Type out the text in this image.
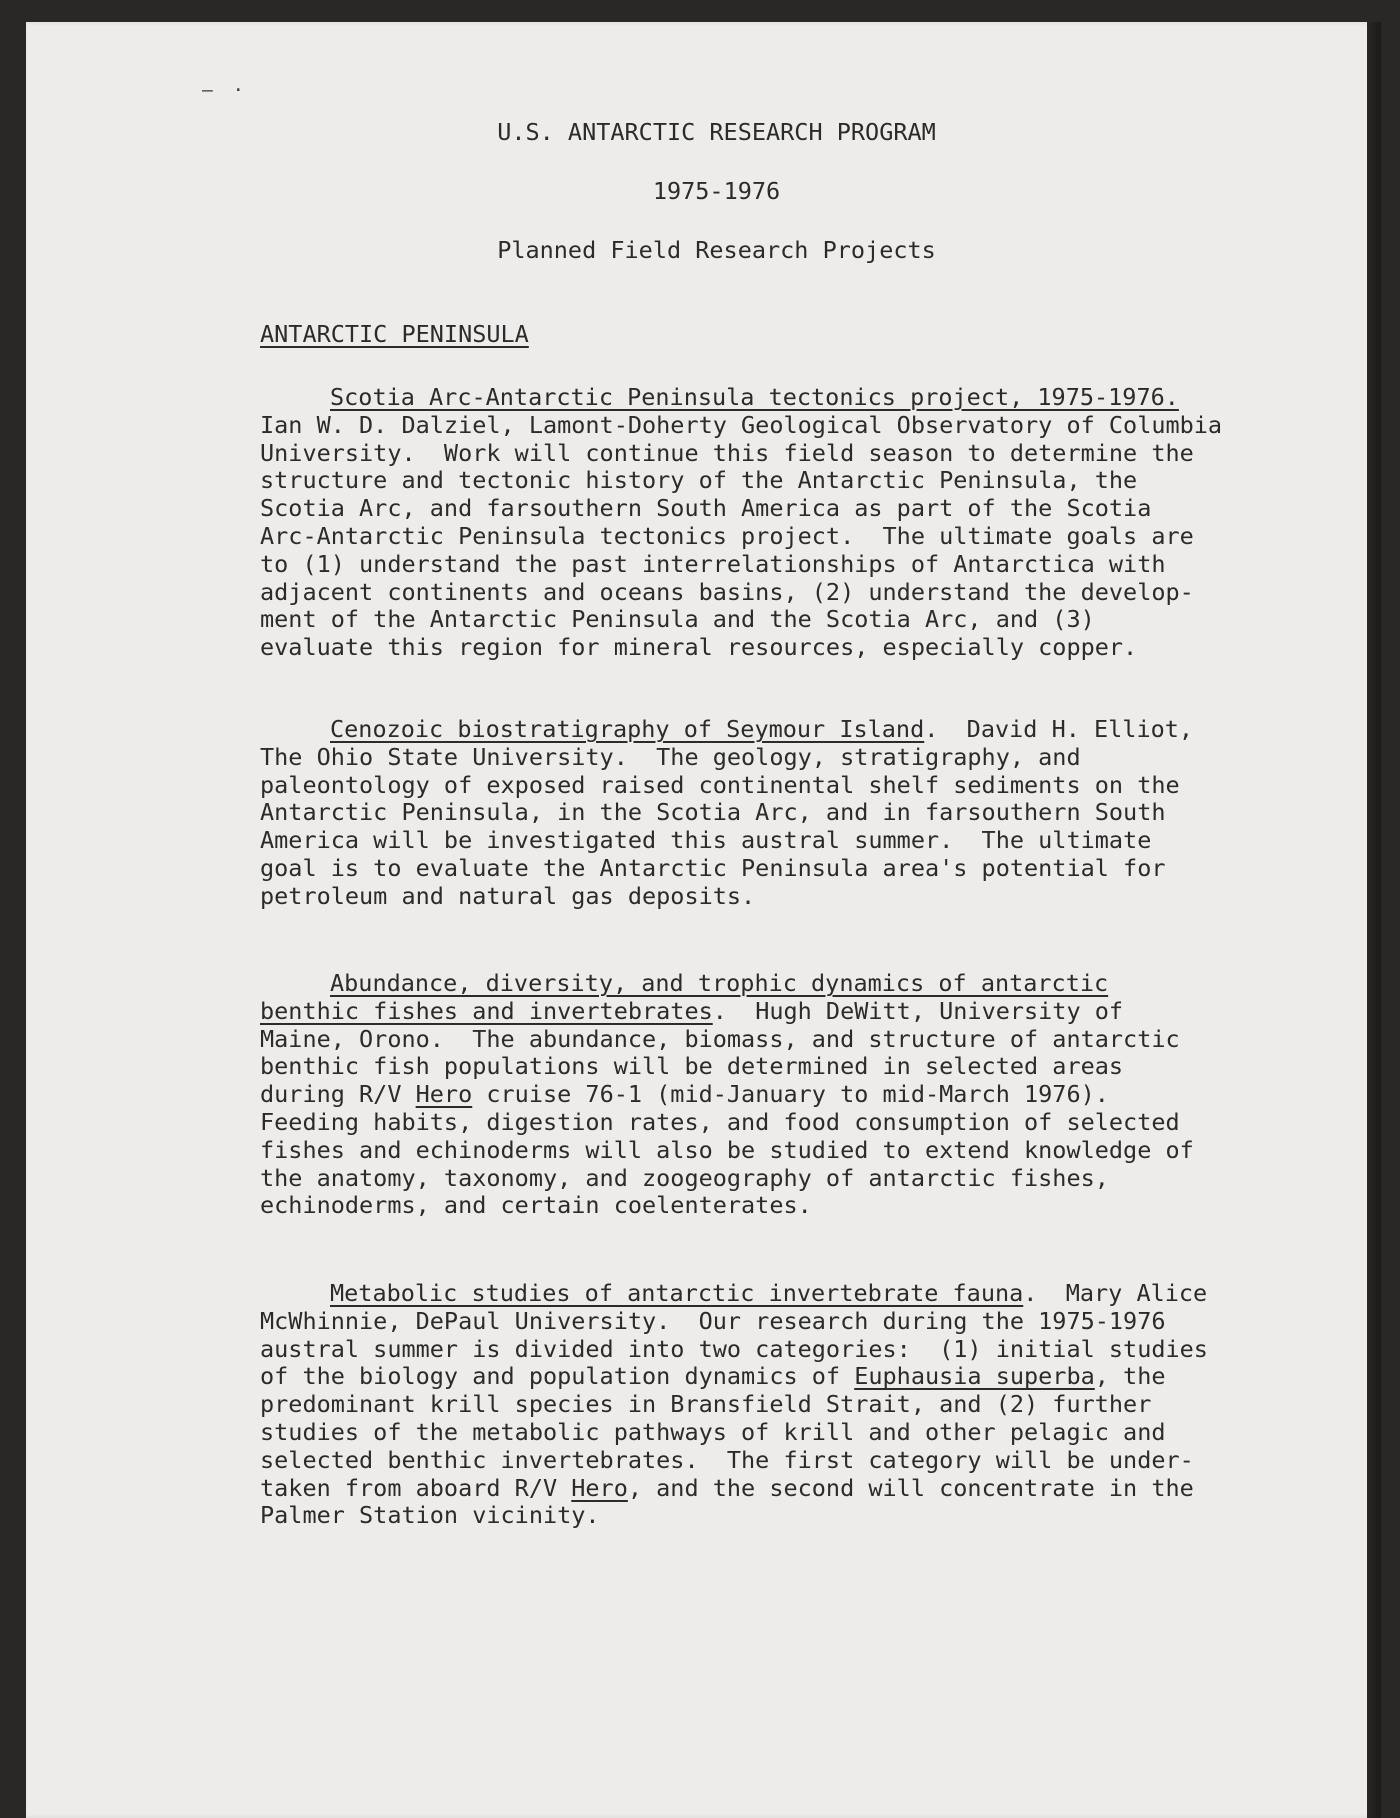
—·
U.S. ANTARCTIC RESEARCH PROGRAM
1975-1976
Planned Field Research Projects
ANTARCTIC PENINSULA
Scotia Arc-Antarctic Peninsula tectonics project, 1975-1976.
Ian W. D. Dalziel, Lamont-Doherty Geological Observatory of Columbia
University.  Work will continue this field season to determine the
structure and tectonic history of the Antarctic Peninsula, the
Scotia Arc, and farsouthern South America as part of the Scotia
Arc-Antarctic Peninsula tectonics project.  The ultimate goals are
to (1) understand the past interrelationships of Antarctica with
adjacent continents and oceans basins, (2) understand the develop-
ment of the Antarctic Peninsula and the Scotia Arc, and (3)
evaluate this region for mineral resources, especially copper.
Cenozoic biostratigraphy of Seymour Island.  David H. Elliot,
The Ohio State University.  The geology, stratigraphy, and
paleontology of exposed raised continental shelf sediments on the
Antarctic Peninsula, in the Scotia Arc, and in farsouthern South
America will be investigated this austral summer.  The ultimate
goal is to evaluate the Antarctic Peninsula area's potential for
petroleum and natural gas deposits.
Abundance, diversity, and trophic dynamics of antarctic
benthic fishes and invertebrates.  Hugh DeWitt, University of
Maine, Orono.  The abundance, biomass, and structure of antarctic
benthic fish populations will be determined in selected areas
during R/V Hero cruise 76-1 (mid-January to mid-March 1976).
Feeding habits, digestion rates, and food consumption of selected
fishes and echinoderms will also be studied to extend knowledge of
the anatomy, taxonomy, and zoogeography of antarctic fishes,
echinoderms, and certain coelenterates.
Metabolic studies of antarctic invertebrate fauna.  Mary Alice
McWhinnie, DePaul University.  Our research during the 1975-1976
austral summer is divided into two categories:  (1) initial studies
of the biology and population dynamics of Euphausia superba, the
predominant krill species in Bransfield Strait, and (2) further
studies of the metabolic pathways of krill and other pelagic and
selected benthic invertebrates.  The first category will be under-
taken from aboard R/V Hero, and the second will concentrate in the
Palmer Station vicinity.
